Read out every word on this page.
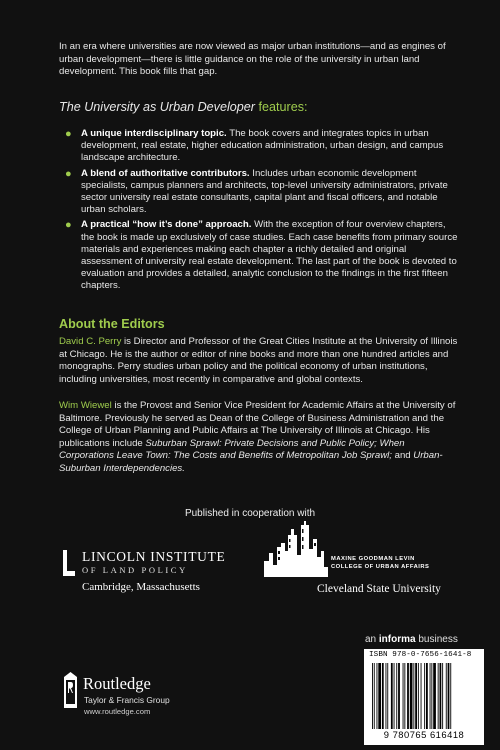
In an era where universities are now viewed as major urban institutions—and as engines of urban development—there is little guidance on the role of the university in urban land development. This book fills that gap.

The University as Urban Developer features:
● A unique interdisciplinary topic. The book covers and integrates topics in urban development, real estate, higher education administration, urban design, and campus landscape architecture.
● A blend of authoritative contributors. Includes urban economic development specialists, campus planners and architects, top-level university administrators, private sector university real estate consultants, capital plant and fiscal officers, and notable urban scholars.
● A practical “how it’s done” approach. With the exception of four overview chapters, the book is made up exclusively of case studies. Each case benefits from primary source materials and experiences making each chapter a richly detailed and original assessment of university real estate development. The last part of the book is devoted to evaluation and provides a detailed, analytic conclusion to the findings in the first fifteen chapters.
About the Editors

David C. Perry is Director and Professor of the Great Cities Institute at the University of Illinois at Chicago. He is the author or editor of nine books and more than one hundred articles and monographs. Perry studies urban policy and the political economy of urban institutions, including universities, most recently in comparative and global contexts.

Wim Wiewel is the Provost and Senior Vice President for Academic Affairs at the University of Baltimore. Previously he served as Dean of the College of Business Administration and the College of Urban Planning and Public Affairs at The University of Illinois at Chicago. His publications include Suburban Sprawl: Private Decisions and Public Policy; When Corporations Leave Town: The Costs and Benefits of Metropolitan Job Sprawl; and Urban-Suburban Interdependencies.

Published in cooperation with
LINCOLN INSTITUTE
OF LAND POLICY
Cambridge, Massachusetts
MAXINE GOODMAN LEVIN
COLLEGE OF URBAN AFFAIRS
Cleveland State University
an informa business
Routledge
Taylor & Francis Group
www.routledge.com
ISBN 978-0-7656-1641-8
9 780765 616418
